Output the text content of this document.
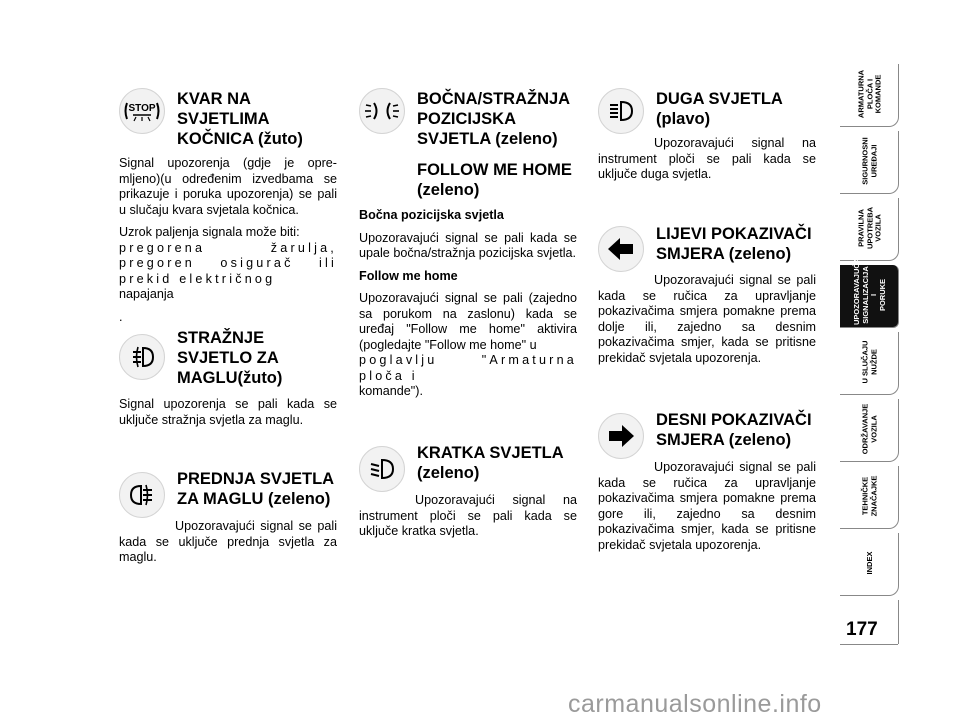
STOP
KVAR NA
SVJETLIMA
KOČNICA (žuto)

Signal upozorenja (gdje je opre- mljeno)(u određenim izvedbama se prikazuje i poruka upozorenja) se pali u slučaju kvara svjetala kočnica.

Uzrok paljenja signala može biti:

pregorena žarulja, pregoren osigurač ili prekid električnog

napajanja

.

STRAŽNJE
SVJETLO ZA
MAGLU(žuto)

Signal upozorenja se pali kada se uključe stražnja svjetla za maglu.

PREDNJA SVJETLA
ZA MAGLU (zeleno)

Upozoravajući signal se pali kada se uključe prednja svjetla za maglu.

BOČNA/STRAŽNJA
POZICIJSKA
SVJETLA (zeleno)
FOLLOW ME HOME
(zeleno)

Bočna pozicijska svjetla

Upozoravajući signal se pali kada se upale bočna/stražnja pozicijska svjetla.

Follow me home

Upozoravajući signal se pali (zajedno sa porukom na zaslonu) kada se uređaj "Follow me home" aktivira (pogledajte "Follow me home" u

poglavlju "Armaturna ploča i

komande").

KRATKA SVJETLA
(zeleno)

Upozoravajući signal na instrument ploči se pali kada se uključe kratka svjetla.

DUGA SVJETLA
(plavo)

Upozoravajući signal na instrument ploči se pali kada se uključe duga svjetla.

LIJEVI POKAZIVAČI
SMJERA (zeleno)

Upozoravajući signal se pali kada se ručica za upravljanje pokazivačima smjera pomakne prema dolje ili, zajedno sa desnim pokazivačima smjer, kada se pritisne prekidač svjetala upozorenja.

DESNI POKAZIVAČI
SMJERA (zeleno)

Upozoravajući signal se pali kada se ručica za upravljanje pokazivačima smjera pomakne prema gore ili, zajedno sa desnim pokazivačima smjer, kada se pritisne prekidač svjetala upozorenja.

ARMATURNA
PLOČA I
KOMANDE
SIGURNOSNI
UREĐAJI
PRAVILNA
UPOTREBA
VOZILA
UPOZORAVAJUĆA
SIGNALIZACIJA I
PORUKE
U SLUČAJU
NUŽDE
ODRŽAVANJE
VOZILA
TEHNIČKE
ZNAČAJKE
INDEX
177
carmanualsonline.info
